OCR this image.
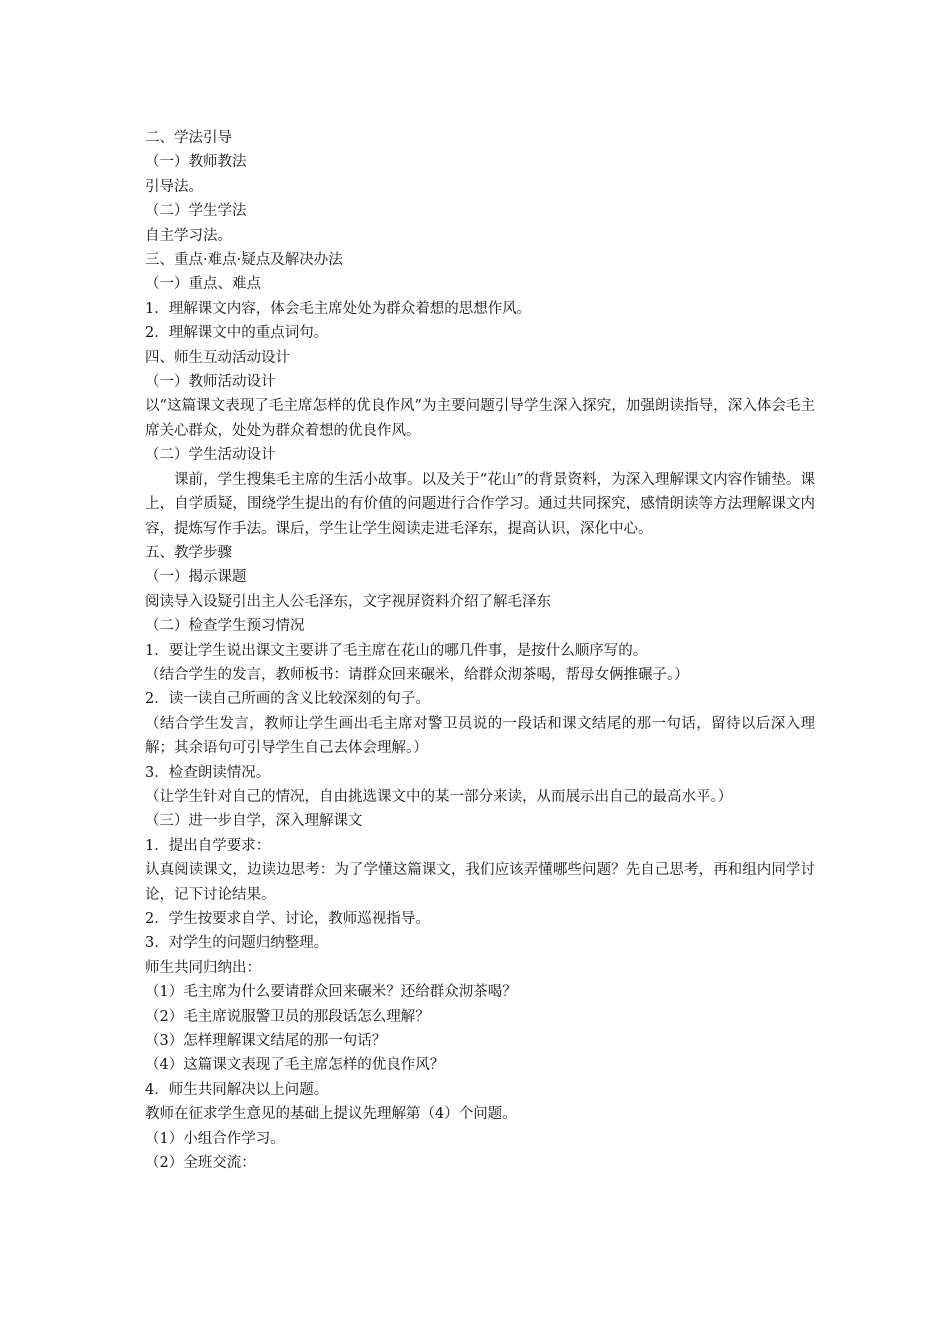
二、学法引导
（一）教师教法
引导法。
（二）学生学法
自主学习法。
三、重点·难点·疑点及解决办法
（一）重点、难点
1．理解课文内容，体会毛主席处处为群众着想的思想作风。
2．理解课文中的重点词句。
四、师生互动活动设计
（一）教师活动设计
以“这篇课文表现了毛主席怎样的优良作风”为主要问题引导学生深入探究，加强朗读指导，深入体会毛主席关心群众，处处为群众着想的优良作风。
（二）学生活动设计
课前，学生搜集毛主席的生活小故事。以及关于“花山”的背景资料，为深入理解课文内容作铺垫。课上，自学质疑，围绕学生提出的有价值的问题进行合作学习。通过共同探究，感情朗读等方法理解课文内容，提炼写作手法。课后，学生让学生阅读走进毛泽东，提高认识，深化中心。
五、教学步骤
（一）揭示课题
阅读导入设疑引出主人公毛泽东，文字视屏资料介绍了解毛泽东
（二）检查学生预习情况
1．要让学生说出课文主要讲了毛主席在花山的哪几件事，是按什么顺序写的。
（结合学生的发言，教师板书：请群众回来碾米，给群众沏茶喝，帮母女俩推碾子。）
2．读一读自己所画的含义比较深刻的句子。
（结合学生发言，教师让学生画出毛主席对警卫员说的一段话和课文结尾的那一句话，留待以后深入理解；其余语句可引导学生自己去体会理解。）
3．检查朗读情况。
（让学生针对自己的情况，自由挑选课文中的某一部分来读，从而展示出自己的最高水平。）
（三）进一步自学，深入理解课文
1．提出自学要求：
认真阅读课文，边读边思考：为了学懂这篇课文，我们应该弄懂哪些问题？先自己思考，再和组内同学讨论，记下讨论结果。
2．学生按要求自学、讨论，教师巡视指导。
3．对学生的问题归纳整理。
师生共同归纳出：
（1）毛主席为什么要请群众回来碾米？还给群众沏茶喝？
（2）毛主席说服警卫员的那段话怎么理解？
（3）怎样理解课文结尾的那一句话？
（4）这篇课文表现了毛主席怎样的优良作风？
4．师生共同解决以上问题。
教师在征求学生意见的基础上提议先理解第（4）个问题。
（1）小组合作学习。
（2）全班交流：
